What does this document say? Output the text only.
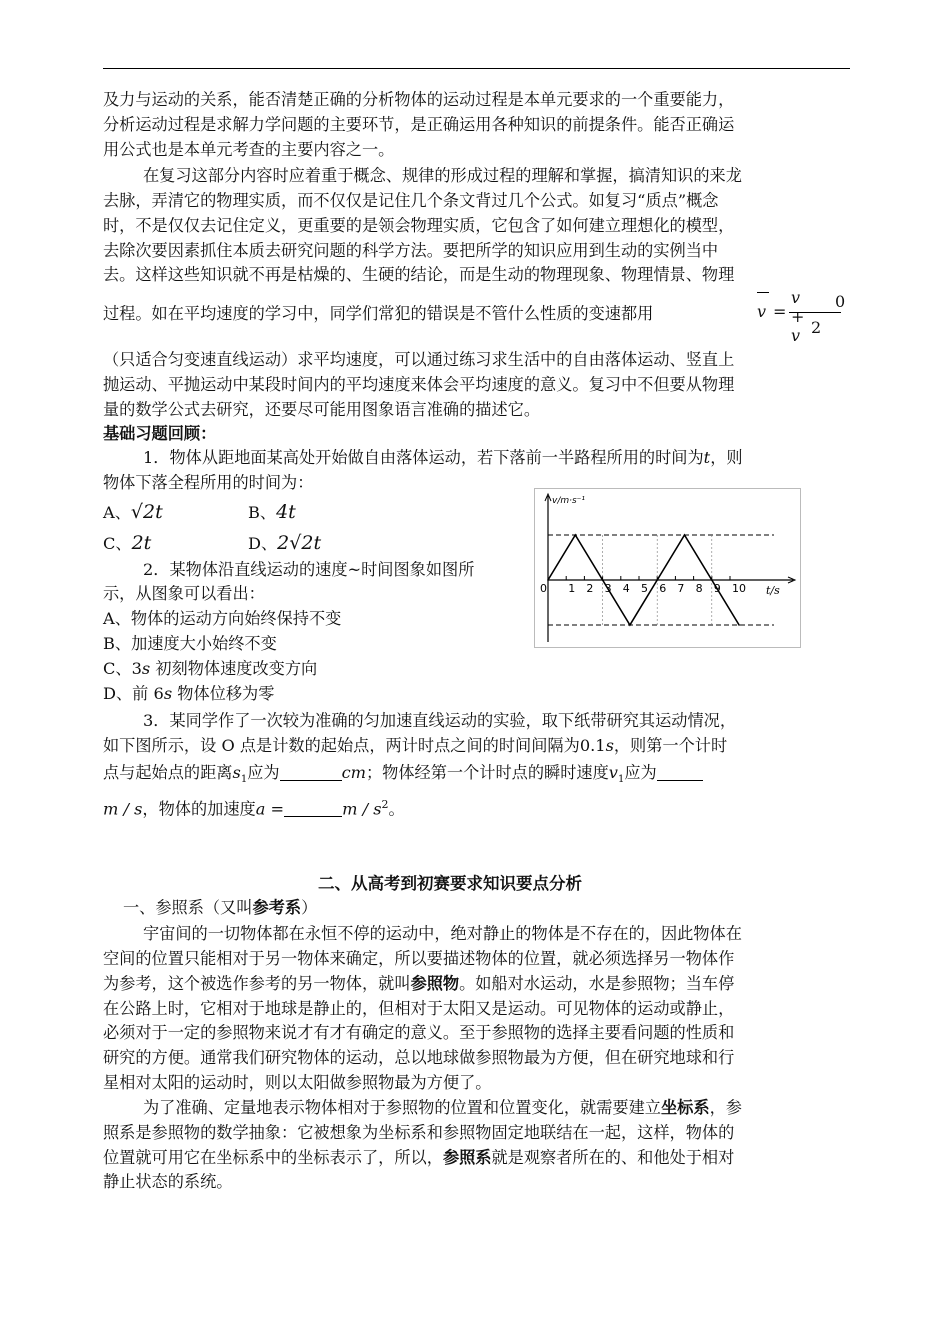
及力与运动的关系，能否清楚正确的分析物体的运动过程是本单元要求的一个重要能力，
分析运动过程是求解力学问题的主要环节，是正确运用各种知识的前提条件。能否正确运
用公式也是本单元考查的主要内容之一。
在复习这部分内容时应着重于概念、规律的形成过程的理解和掌握，搞清知识的来龙
去脉，弄清它的物理实质，而不仅仅是记住几个条文背过几个公式。如复习“质点”概念
时，不是仅仅去记住定义，更重要的是领会物理实质，它包含了如何建立理想化的模型，
去除次要因素抓住本质去研究问题的科学方法。要把所学的知识应用到生动的实例当中
去。这样这些知识就不再是枯燥的、生硬的结论，而是生动的物理现象、物理情景、物理
过程。如在平均速度的学习中，同学们常犯的错误是不管什么性质的变速都用	v =
v + v
0
2
（只适合匀变速直线运动）求平均速度，可以通过练习求生活中的自由落体运动、竖直上
抛运动、平抛运动中某段时间内的平均速度来体会平均速度的意义。复习中不但要从物理
量的数学公式去研究，还要尽可能用图象语言准确的描述它。
基础习题回顾：
1．物体从距地面某高处开始做自由落体运动，若下落前一半路程所用的时间为t，则
物体下落全程所用的时间为：
A、√2t	B、4t
C、2t	D、2√2t
2．某物体沿直线运动的速度~时间图象如图所
示，从图象可以看出：
A、物体的运动方向始终保持不变
B、加速度大小始终不变
C、3s 初刻物体速度改变方向
D、前 6s 物体位移为零
0 1 2 3 4 5 6 7 8 9 10
v/m·s⁻¹
t/s
3．某同学作了一次较为准确的匀加速直线运动的实验，取下纸带研究其运动情况，
如下图所示，设 O 点是计数的起始点，两计时点之间的时间间隔为0.1s，则第一个计时
点与起始点的距离$s_1$应为	cm；物体经第一个计时点的瞬时速度$v_1$应为
m / s，物体的加速度a =	m / $s^2$。
二、从高考到初赛要求知识要点分析
一、参照系（又叫参考系）
宇宙间的一切物体都在永恒不停的运动中，绝对静止的物体是不存在的，因此物体在
空间的位置只能相对于另一物体来确定，所以要描述物体的位置，就必须选择另一物体作
为参考，这个被选作参考的另一物体，就叫参照物。如船对水运动，水是参照物；当车停
在公路上时，它相对于地球是静止的，但相对于太阳又是运动。可见物体的运动或静止，
必须对于一定的参照物来说才有才有确定的意义。至于参照物的选择主要看问题的性质和
研究的方便。通常我们研究物体的运动，总以地球做参照物最为方便，但在研究地球和行
星相对太阳的运动时，则以太阳做参照物最为方便了。
为了准确、定量地表示物体相对于参照物的位置和位置变化，就需要建立坐标系，参
照系是参照物的数学抽象：它被想象为坐标系和参照物固定地联结在一起，这样，物体的
位置就可用它在坐标系中的坐标表示了，所以，参照系就是观察者所在的、和他处于相对
静止状态的系统。
